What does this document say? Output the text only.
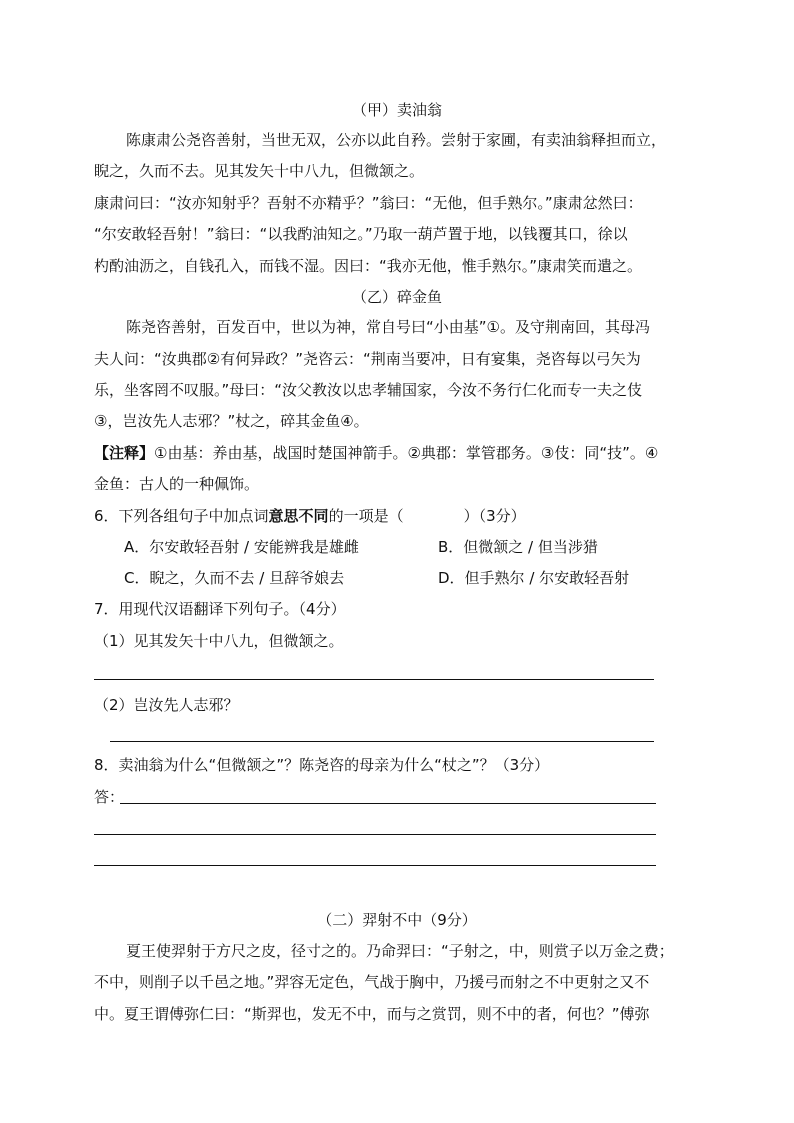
（甲）卖油翁
陈康肃公尧咨善射，当世无双，公亦以此自矜。尝射于家圃，有卖油翁释担而立，
睨之，久而不去。见其发矢十中八九，但微颔之。
康肃问曰：“汝亦知射乎？吾射不亦精乎？”翁曰：“无他，但手熟尔。”康肃忿然曰：
“尔安敢轻吾射！”翁曰：“以我酌油知之。”乃取一葫芦置于地，以钱覆其口，徐以
杓酌油沥之，自钱孔入，而钱不湿。因曰：“我亦无他，惟手熟尔。”康肃笑而遣之。
（乙）碎金鱼
陈尧咨善射，百发百中，世以为神，常自号曰“小由基”①。及守荆南回，其母冯
夫人问：“汝典郡②有何异政？”尧咨云：“荆南当要冲，日有宴集，尧咨每以弓矢为
乐，坐客罔不叹服。”母曰：“汝父教汝以忠孝辅国家，今汝不务行仁化而专一夫之伎
③，岂汝先人志邪？”杖之，碎其金鱼④。
【注释】①由基：养由基，战国时楚国神箭手。②典郡：掌管郡务。③伎：同“技”。④
金鱼：古人的一种佩饰。
6．下列各组句子中加点词意思不同的一项是（　　　　）（3分）
A．尔安敢轻吾射 / 安能辨我是雄雌	B．但微颔之 / 但当涉猎
C．睨之，久而不去 / 旦辞爷娘去	D．但手熟尔 / 尔安敢轻吾射
7．用现代汉语翻译下列句子。（4分）
（1）见其发矢十中八九，但微颔之。
（2）岂汝先人志邪？
8．卖油翁为什么“但微颔之”？陈尧咨的母亲为什么“杖之”？（3分）
答：
（二）羿射不中（9分）
夏王使羿射于方尺之皮，径寸之的。乃命羿曰：“子射之，中，则赏子以万金之费；
不中，则削子以千邑之地。”羿容无定色，气战于胸中，乃援弓而射之不中更射之又不
中。夏王谓傅弥仁曰：“斯羿也，发无不中，而与之赏罚，则不中的者，何也？”傅弥
